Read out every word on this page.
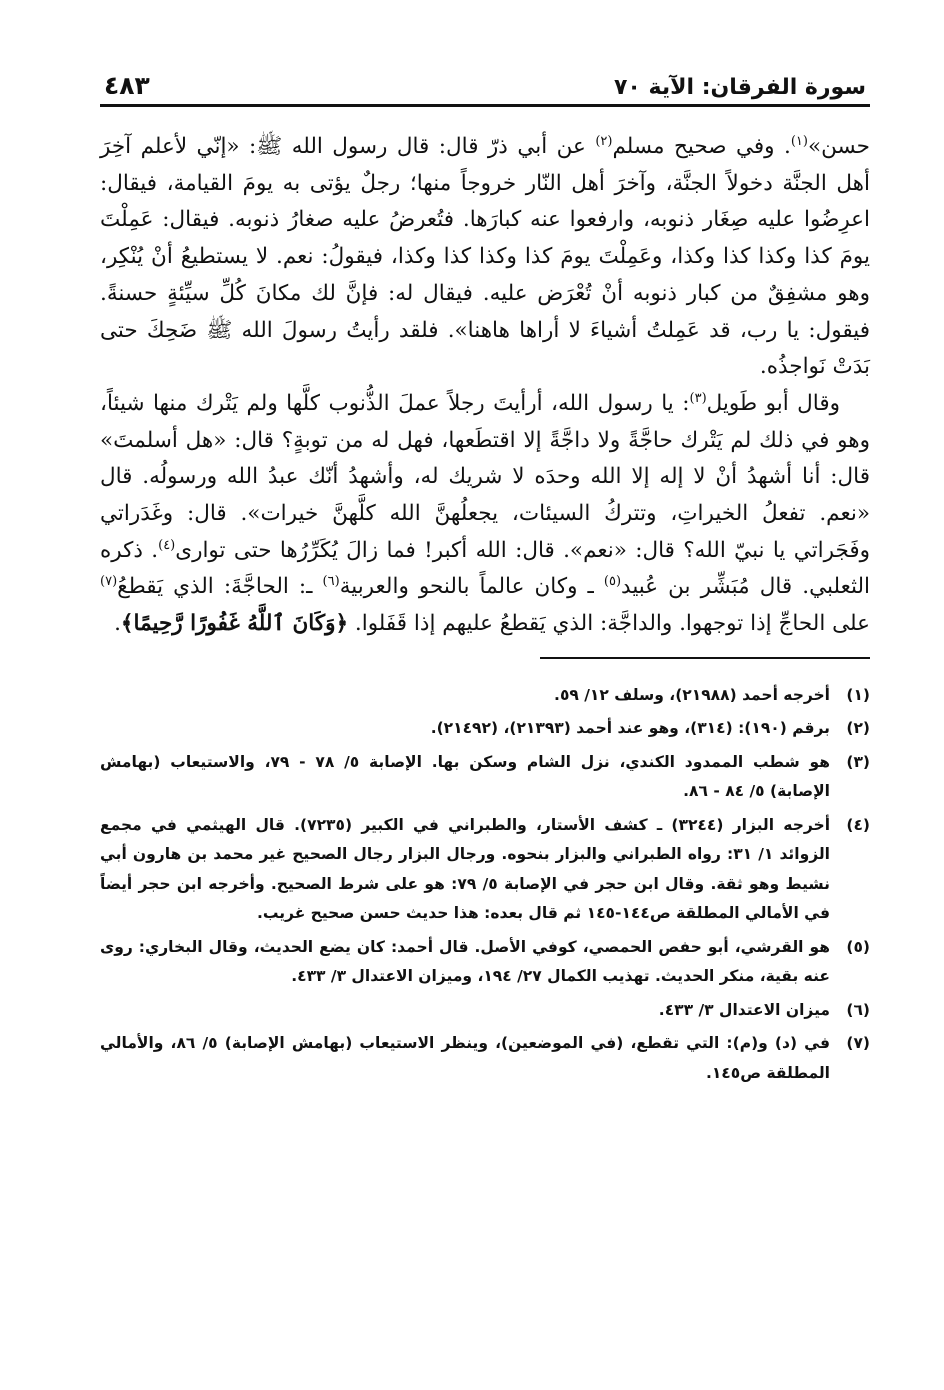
سورة الفرقان: الآية ٧٠
٤٨٣

حسن»$^{(١)}$. وفي صحيح مسلم$^{(٢)}$ عن أبي ذرّ قال: قال رسول الله ﷺ: «إنّي لأعلم آخِرَ أهل الجنَّة دخولاً الجنَّة، وآخرَ أهل النّار خروجاً منها؛ رجلٌ يؤتى به يومَ القيامة، فيقال: اعرِضُوا عليه صِغَار ذنوبه، وارفعوا عنه كبارَها. فتُعرضُ عليه صغارُ ذنوبه. فيقال: عَمِلْتَ يومَ كذا وكذا كذا وكذا، وعَمِلْتَ يومَ كذا وكذا كذا وكذا، فيقولُ: نعم. لا يستطيعُ أنْ يُنْكِر، وهو مشفِقٌ من كبار ذنوبه أنْ تُعْرَض عليه. فيقال له: فإنَّ لك مكانَ كُلِّ سيِّئةٍ حسنةً. فيقول: يا رب، قد عَمِلتُ أشياءَ لا أراها هاهنا». فلقد رأيتُ رسولَ الله ﷺ ضَحِكَ حتى بَدَتْ نَواجذُه.

وقال أبو طَويل$^{(٣)}$: يا رسول الله، أرأيتَ رجلاً عملَ الذُّنوب كلَّها ولم يَتْرك منها شيئاً، وهو في ذلك لم يَتْرك حاجَّةً ولا داجَّةً إلا اقتطَعها، فهل له من توبةٍ؟ قال: «هل أسلمتَ» قال: أنا أشهدُ أنْ لا إله إلا الله وحدَه لا شريك له، وأشهدُ أنّك عبدُ الله ورسولُه. قال «نعم. تفعلُ الخيراتِ، وتتركُ السيئات، يجعلُهنَّ الله كلَّهنَّ خيرات». قال: وغَدَراتي وفَجَراتي يا نبيّ الله؟ قال: «نعم». قال: الله أكبر! فما زالَ يُكَرِّرُها حتى توارى$^{(٤)}$. ذكره الثعلبي. قال مُبَشِّر بن عُبيد$^{(٥)}$ ـ وكان عالماً بالنحو والعربية$^{(٦)}$ ـ: الحاجَّةَ: الذي يَقطعُ$^{(٧)}$ على الحاجِّ إذا توجهوا. والداجَّة: الذي يَقطعُ عليهم إذا قَفَلوا. ﴿وَكَانَ ٱللَّهُ غَفُورًا رَّحِيمًا﴾.

(١)
أخرجه أحمد (٢١٩٨٨)، وسلف ١٢/ ٥٩.
(٢)
برقم (١٩٠): (٣١٤)، وهو عند أحمد (٢١٣٩٣)، (٢١٤٩٢).
(٣)
هو شطب الممدود الكندي، نزل الشام وسكن بها. الإصابة ٥/ ٧٨ - ٧٩، والاستيعاب (بهامش الإصابة) ٥/ ٨٤ - ٨٦.
(٤)
أخرجه البزار (٣٢٤٤) ـ كشف الأستار، والطبراني في الكبير (٧٢٣٥). قال الهيثمي في مجمع الزوائد ١/ ٣١: رواه الطبراني والبزار بنحوه. ورجال البزار رجال الصحيح غير محمد بن هارون أبي نشيط وهو ثقة. وقال ابن حجر في الإصابة ٥/ ٧٩: هو على شرط الصحيح. وأخرجه ابن حجر أيضاً في الأمالي المطلقة ص١٤٤-١٤٥ ثم قال بعده: هذا حديث حسن صحيح غريب.
(٥)
هو القرشي، أبو حفص الحمصي، كوفي الأصل. قال أحمد: كان يضع الحديث، وقال البخاري: روى عنه بقية، منكر الحديث. تهذيب الكمال ٢٧/ ١٩٤، وميزان الاعتدال ٣/ ٤٣٣.
(٦)
ميزان الاعتدال ٣/ ٤٣٣.
(٧)
في (د) و(م): التي تقطع، (في الموضعين)، وينظر الاستيعاب (بهامش الإصابة) ٥/ ٨٦، والأمالي المطلقة ص١٤٥.
